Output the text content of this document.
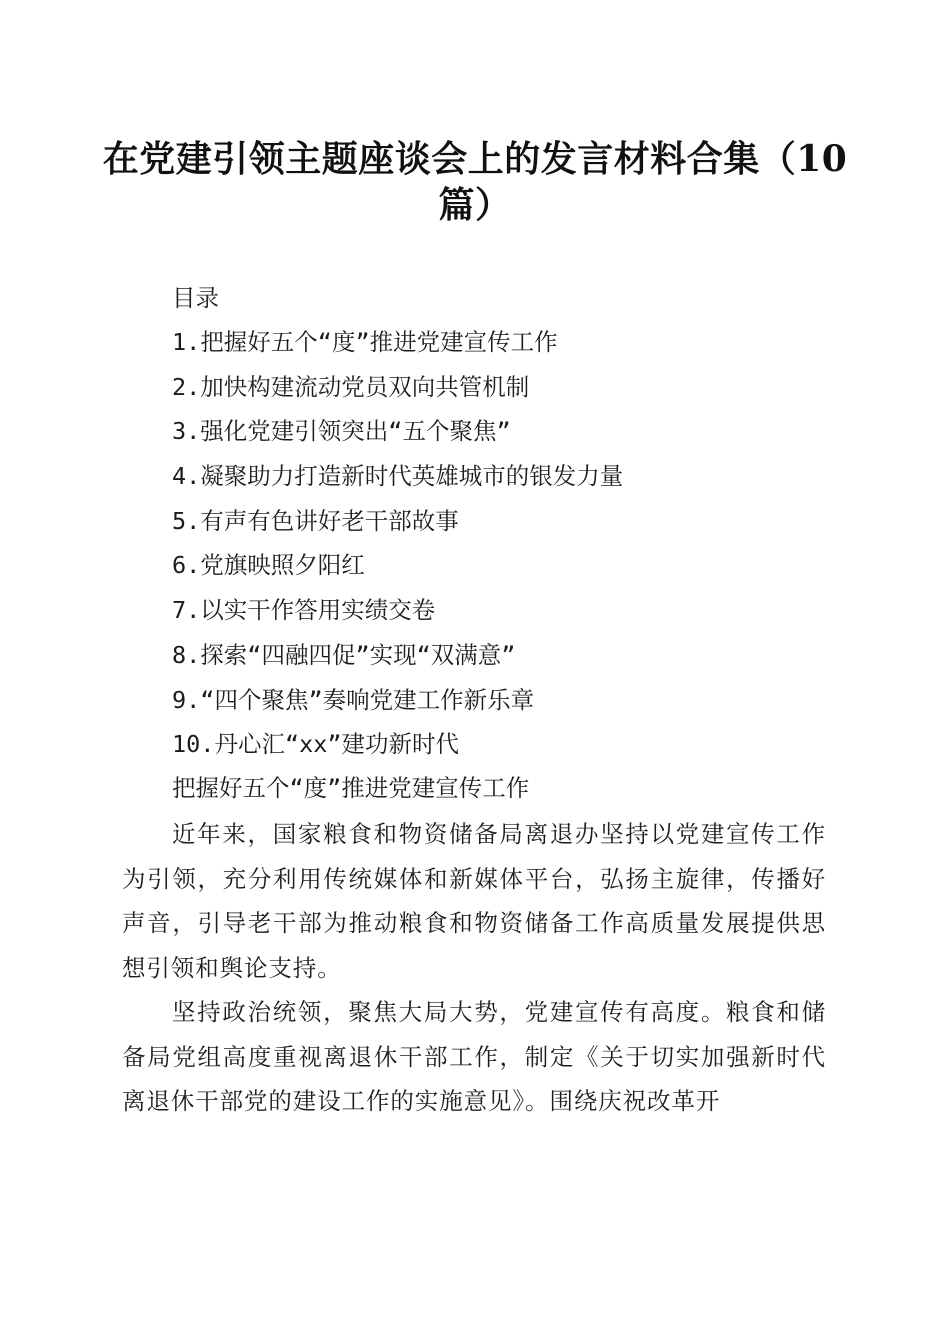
在党建引领主题座谈会上的发言材料合集（10篇）
目录
1.把握好五个“度”推进党建宣传工作
2.加快构建流动党员双向共管机制
3.强化党建引领突出“五个聚焦”
4.凝聚助力打造新时代英雄城市的银发力量
5.有声有色讲好老干部故事
6.党旗映照夕阳红
7.以实干作答用实绩交卷
8.探索“四融四促”实现“双满意”
9.“四个聚焦”奏响党建工作新乐章
10.丹心汇“xx”建功新时代
把握好五个“度”推进党建宣传工作

近年来，国家粮食和物资储备局离退办坚持以党建宣传工作为引领，充分利用传统媒体和新媒体平台，弘扬主旋律，传播好声音，引导老干部为推动粮食和物资储备工作高质量发展提供思想引领和舆论支持。

坚持政治统领，聚焦大局大势，党建宣传有高度。粮食和储备局党组高度重视离退休干部工作，制定《关于切实加强新时代离退休干部党的建设工作的实施意见》。围绕庆祝改革开
